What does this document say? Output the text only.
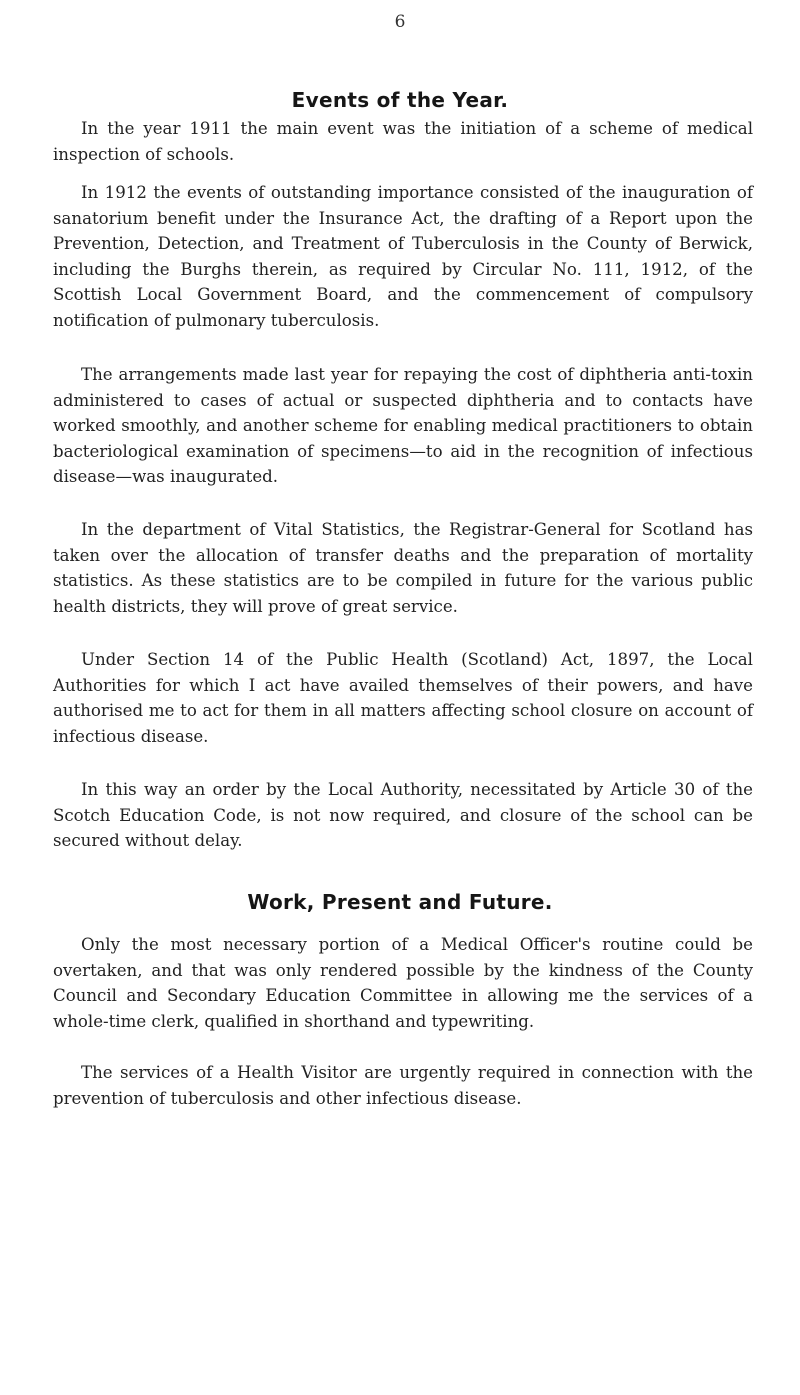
6
Events of the Year.

In the year 1911 the main event was the initiation of a scheme of medical inspection of schools.

In 1912 the events of outstanding importance consisted of the inauguration of sanatorium benefit under the Insurance Act, the drafting of a Report upon the Prevention, Detection, and Treatment of Tuberculosis in the County of Berwick, including the Burghs therein, as required by Circular No. 111, 1912, of the Scottish Local Government Board, and the commencement of compulsory notification of pulmonary tuberculosis.

The arrangements made last year for repaying the cost of diphtheria anti-toxin administered to cases of actual or suspected diphtheria and to contacts have worked smoothly, and another scheme for enabling medical practitioners to obtain bacteriological examination of specimens—to aid in the recognition of infectious disease—was inaugurated.

In the department of Vital Statistics, the Registrar-General for Scotland has taken over the allocation of transfer deaths and the preparation of mortality statistics. As these statistics are to be compiled in future for the various public health districts, they will prove of great service.

Under Section 14 of the Public Health (Scotland) Act, 1897, the Local Authorities for which I act have availed themselves of their powers, and have authorised me to act for them in all matters affecting school closure on account of infectious disease.

In this way an order by the Local Authority, necessitated by Article 30 of the Scotch Education Code, is not now required, and closure of the school can be secured without delay.

Work, Present and Future.

Only the most necessary portion of a Medical Officer's routine could be overtaken, and that was only rendered possible by the kindness of the County Council and Secondary Education Committee in allowing me the services of a whole-time clerk, qualified in shorthand and typewriting.

The services of a Health Visitor are urgently required in connection with the prevention of tuberculosis and other infectious disease.
